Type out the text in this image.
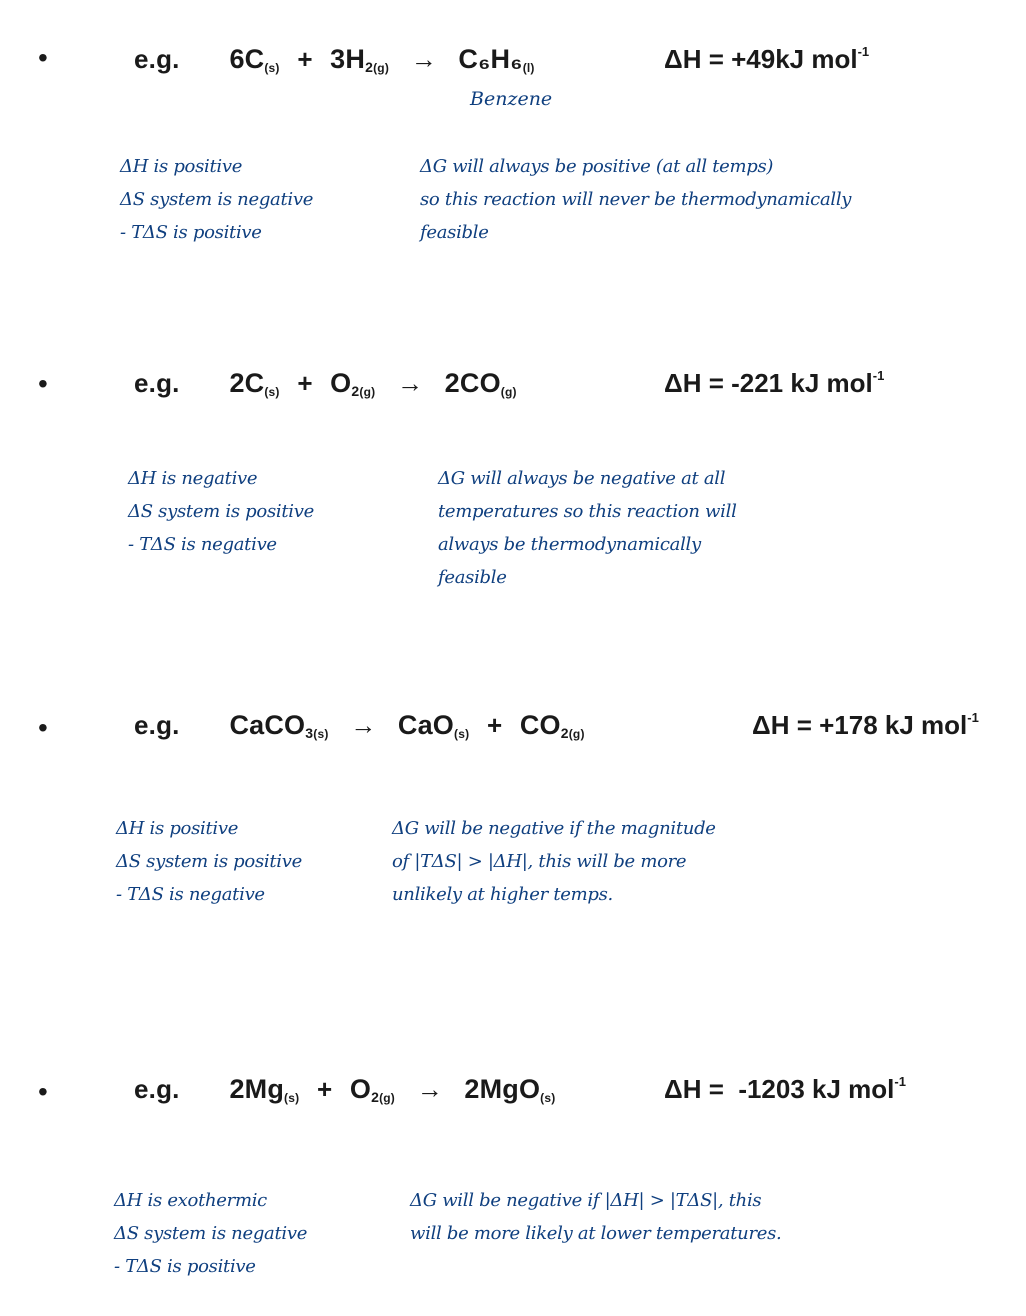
•	e.g. $6C_{(s)} + 3H_{2(g)} \to C_6H_6_{(l)}$	ΔH = +49kJ mol$^{-1}$
Benzene
ΔH is positive
ΔS system is negative
- TΔS is positive
ΔG will always be positive (at all temps)
so this reaction will never be thermodynamically
feasible
•	e.g. $2C_{(s)} + O_{2(g)} \to 2CO_{(g)}$	ΔH = -221 kJ mol$^{-1}$
ΔH is negative
ΔS system is positive
- TΔS is negative
ΔG will always be negative at all
temperatures so this reaction will
always be thermodynamically
feasible
•	e.g. CaCO$_{3(s)}$ → $CaO_{(s)} + CO_{2(g)}$	ΔH = +178 kJ mol$^{-1}$
ΔH is positive
ΔS system is positive
- TΔS is negative
ΔG will be negative if the magnitude
of |TΔS| > |ΔH|, this will be more
unlikely at higher temps.
•	e.g. $2Mg_{(s)} + O_{2(g)} \to 2MgO_{(s)}$	ΔH =  -1203 kJ mol$^{-1}$
ΔH is exothermic
ΔS system is negative
- TΔS is positive
ΔG will be negative if |ΔH| > |TΔS|, this
will be more likely at lower temperatures.
